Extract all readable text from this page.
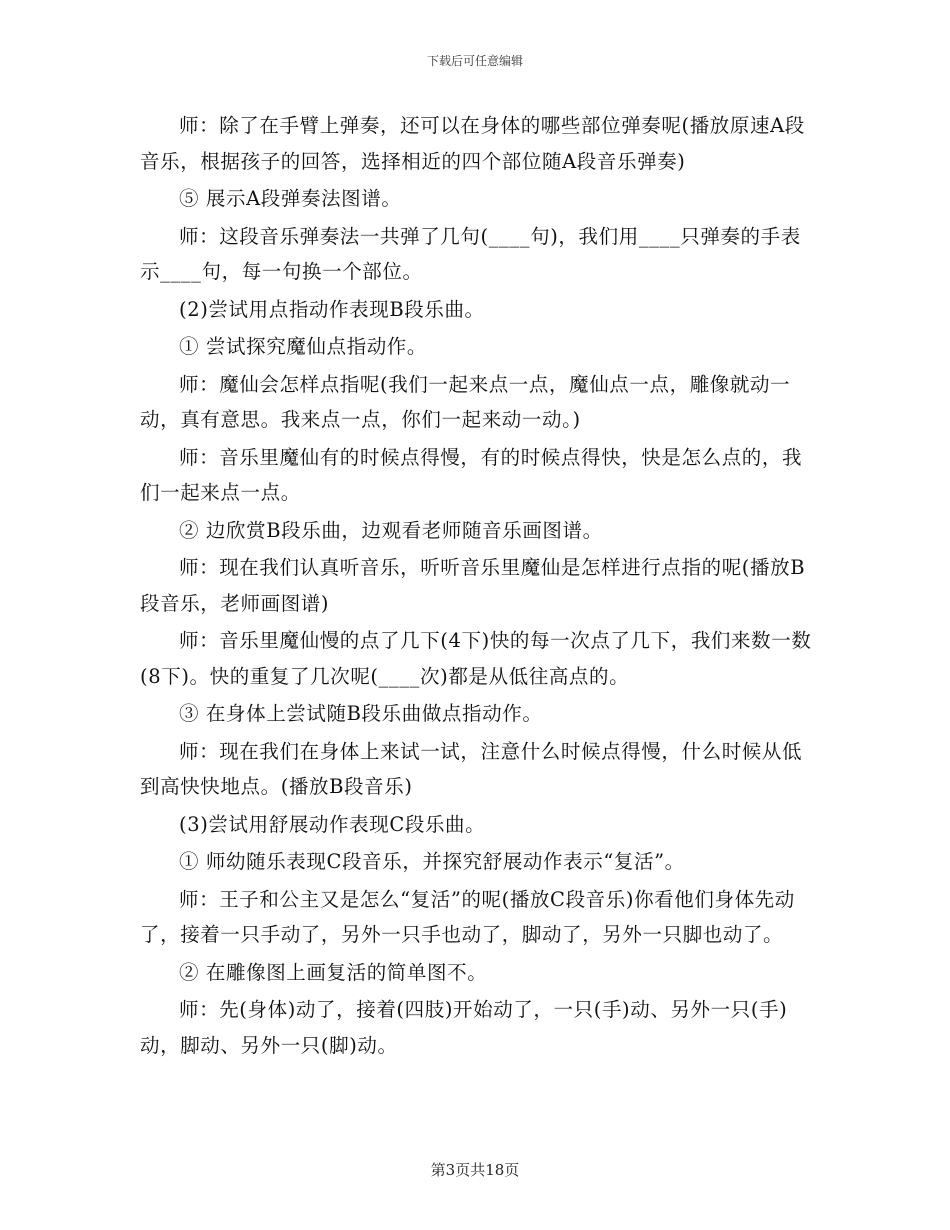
下载后可任意编辑

师：除了在手臂上弹奏，还可以在身体的哪些部位弹奏呢(播放原速A段音乐，根据孩子的回答，选择相近的四个部位随A段音乐弹奏)

⑤ 展示A段弹奏法图谱。

师：这段音乐弹奏法一共弹了几句(____句)，我们用____只弹奏的手表示____句，每一句换一个部位。

(2)尝试用点指动作表现B段乐曲。

① 尝试探究魔仙点指动作。

师：魔仙会怎样点指呢(我们一起来点一点，魔仙点一点，雕像就动一动，真有意思。我来点一点，你们一起来动一动。)

师：音乐里魔仙有的时候点得慢，有的时候点得快，快是怎么点的，我们一起来点一点。

② 边欣赏B段乐曲，边观看老师随音乐画图谱。

师：现在我们认真听音乐，听听音乐里魔仙是怎样进行点指的呢(播放B段音乐，老师画图谱)

师：音乐里魔仙慢的点了几下(4下)快的每一次点了几下，我们来数一数(8下)。快的重复了几次呢(____次)都是从低往高点的。

③ 在身体上尝试随B段乐曲做点指动作。

师：现在我们在身体上来试一试，注意什么时候点得慢，什么时候从低到高快快地点。(播放B段音乐)

(3)尝试用舒展动作表现C段乐曲。

① 师幼随乐表现C段音乐，并探究舒展动作表示“复活”。

师：王子和公主又是怎么“复活”的呢(播放C段音乐)你看他们身体先动了，接着一只手动了，另外一只手也动了，脚动了，另外一只脚也动了。

② 在雕像图上画复活的简单图不。

师：先(身体)动了，接着(四肢)开始动了，一只(手)动、另外一只(手)动，脚动、另外一只(脚)动。

第3页共18页
